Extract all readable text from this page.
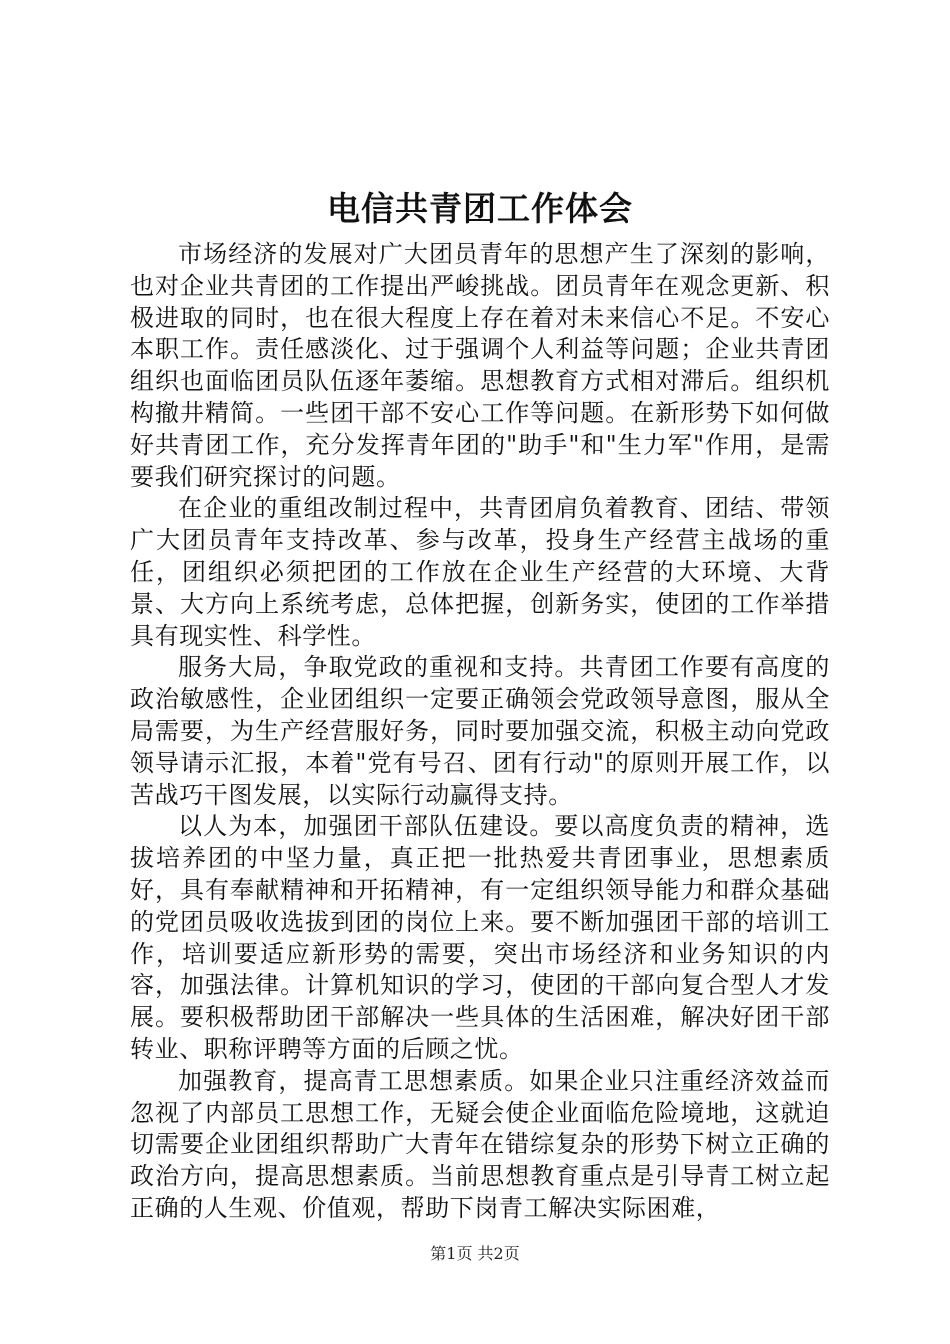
电信共青团工作体会

市场经济的发展对广大团员青年的思想产生了深刻的影响，也对企业共青团的工作提出严峻挑战。团员青年在观念更新、积极进取的同时，也在很大程度上存在着对未来信心不足。不安心本职工作。责任感淡化、过于强调个人利益等问题；企业共青团组织也面临团员队伍逐年萎缩。思想教育方式相对滞后。组织机构撤井精简。一些团干部不安心工作等问题。在新形势下如何做好共青团工作，充分发挥青年团的"助手"和"生力军"作用，是需要我们研究探讨的问题。

在企业的重组改制过程中，共青团肩负着教育、团结、带领广大团员青年支持改革、参与改革，投身生产经营主战场的重任，团组织必须把团的工作放在企业生产经营的大环境、大背景、大方向上系统考虑，总体把握，创新务实，使团的工作举措具有现实性、科学性。

服务大局，争取党政的重视和支持。共青团工作要有高度的政治敏感性，企业团组织一定要正确领会党政领导意图，服从全局需要，为生产经营服好务，同时要加强交流，积极主动向党政领导请示汇报，本着"党有号召、团有行动"的原则开展工作，以苦战巧干图发展，以实际行动赢得支持。

以人为本，加强团干部队伍建设。要以高度负责的精神，选拔培养团的中坚力量，真正把一批热爱共青团事业，思想素质好，具有奉献精神和开拓精神，有一定组织领导能力和群众基础的党团员吸收选拔到团的岗位上来。要不断加强团干部的培训工作，培训要适应新形势的需要，突出市场经济和业务知识的内容，加强法律。计算机知识的学习，使团的干部向复合型人才发展。要积极帮助团干部解决一些具体的生活困难，解决好团干部转业、职称评聘等方面的后顾之忧。

加强教育，提高青工思想素质。如果企业只注重经济效益而忽视了内部员工思想工作，无疑会使企业面临危险境地，这就迫切需要企业团组织帮助广大青年在错综复杂的形势下树立正确的政治方向，提高思想素质。当前思想教育重点是引导青工树立起正确的人生观、价值观，帮助下岗青工解决实际困难，

第1页 共2页
